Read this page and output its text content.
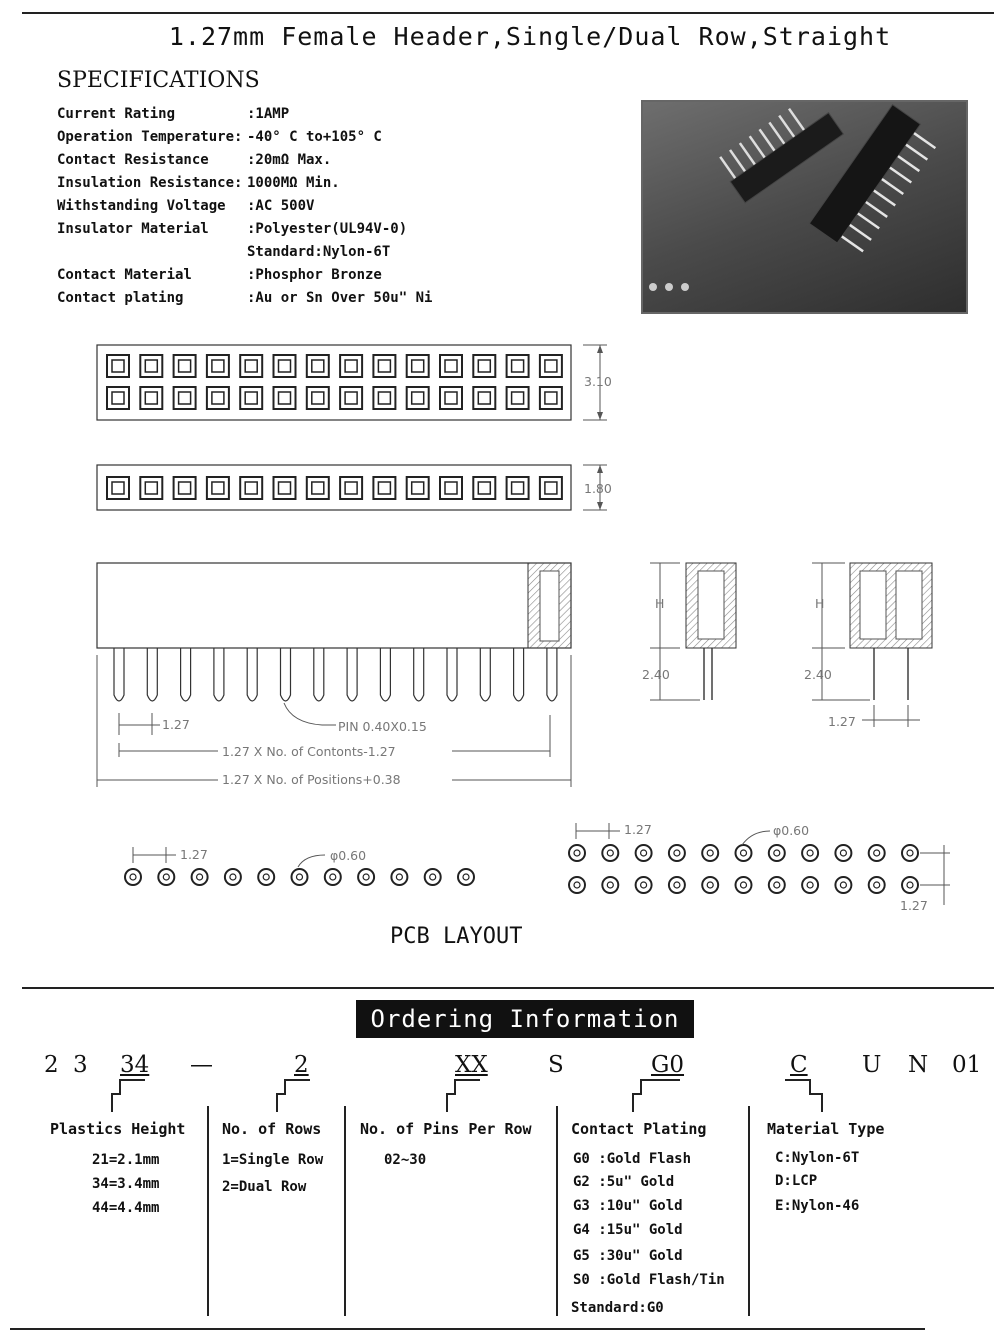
1.27mm Female Header,Single/Dual Row,Straight
SPECIFICATIONS
Current Rating	:1AMP
Operation Temperature:	-40° C to+105° C
Contact Resistance	:20mΩ Max.
Insulation Resistance:	1000MΩ Min.
Withstanding Voltage	:AC 500V
Insulator Material	:Polyester(UL94V-0)
	Standard:Nylon-6T
Contact Material	:Phosphor Bronze
Contact plating	:Au or Sn Over 50u" Ni
3.10
1.80
1.27	PIN 0.40X0.15
1.27 X No. of Contonts-1.27
1.27 X No. of Positions+0.38
H	H
2.40	2.40
1.27
1.27	φ0.60
1.27	φ0.60
1.27
PCB LAYOUT
Ordering Information
2 3 34 —	2	XX	S	G0	C U N 01
Plastics Height
21=2.1mm
34=3.4mm
44=4.4mm
No. of Rows
1=Single Row
2=Dual Row
No. of Pins Per Row
02~30
Contact Plating
G0 :Gold Flash
G2 :5u" Gold
G3 :10u" Gold
G4 :15u" Gold
G5 :30u" Gold
S0 :Gold Flash/Tin
Standard:G0
Material Type
C:Nylon-6T
D:LCP
E:Nylon-46
